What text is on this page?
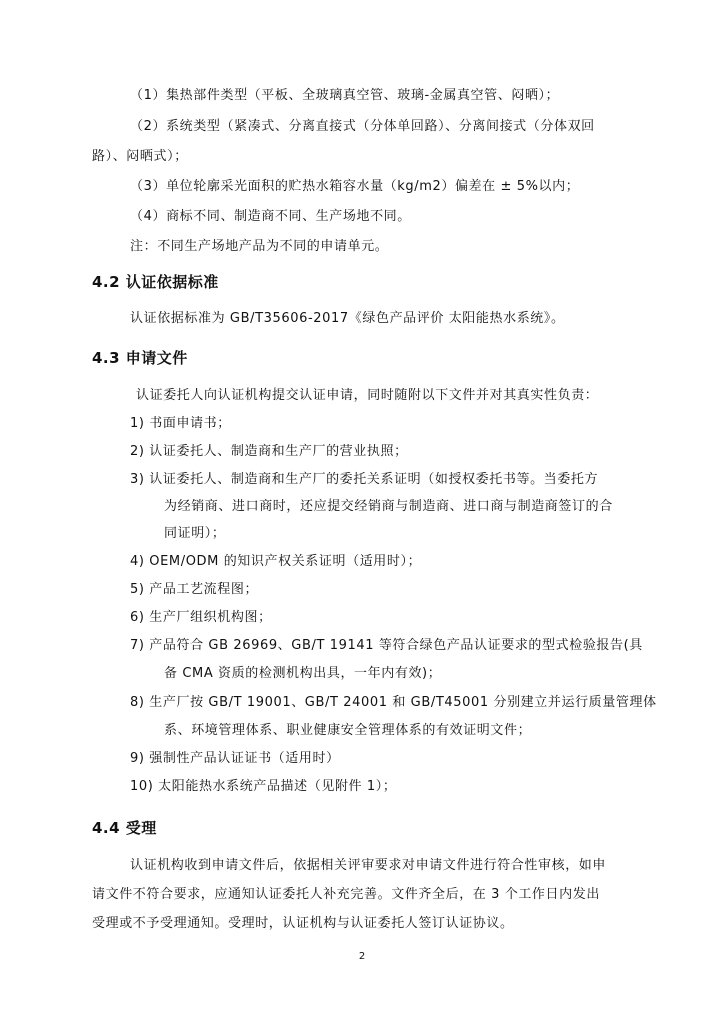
（1）集热部件类型（平板、全玻璃真空管、玻璃-金属真空管、闷晒）；
（2）系统类型（紧凑式、分离直接式（分体单回路）、分离间接式（分体双回
路）、闷晒式）；
（3）单位轮廓采光面积的贮热水箱容水量（kg/m2）偏差在 ± 5%以内；
（4）商标不同、制造商不同、生产场地不同。
注：不同生产场地产品为不同的申请单元。
4.2 认证依据标准
认证依据标准为 GB/T35606-2017《绿色产品评价 太阳能热水系统》。
4.3 申请文件
认证委托人向认证机构提交认证申请，同时随附以下文件并对其真实性负责：
1) 书面申请书；
2) 认证委托人、制造商和生产厂的营业执照；
3) 认证委托人、制造商和生产厂的委托关系证明（如授权委托书等。当委托方
为经销商、进口商时，还应提交经销商与制造商、进口商与制造商签订的合
同证明）；
4) OEM/ODM 的知识产权关系证明（适用时）；
5) 产品工艺流程图；
6) 生产厂组织机构图；
7) 产品符合 GB 26969、GB/T 19141 等符合绿色产品认证要求的型式检验报告(具
备 CMA 资质的检测机构出具，一年内有效)；
8) 生产厂按 GB/T 19001、GB/T 24001 和 GB/T45001 分别建立并运行质量管理体
系、环境管理体系、职业健康安全管理体系的有效证明文件；
9) 强制性产品认证证书（适用时）
10) 太阳能热水系统产品描述（见附件 1）；
4.4 受理
认证机构收到申请文件后，依据相关评审要求对申请文件进行符合性审核，如申
请文件不符合要求，应通知认证委托人补充完善。文件齐全后，在 3 个工作日内发出
受理或不予受理通知。受理时，认证机构与认证委托人签订认证协议。
2
